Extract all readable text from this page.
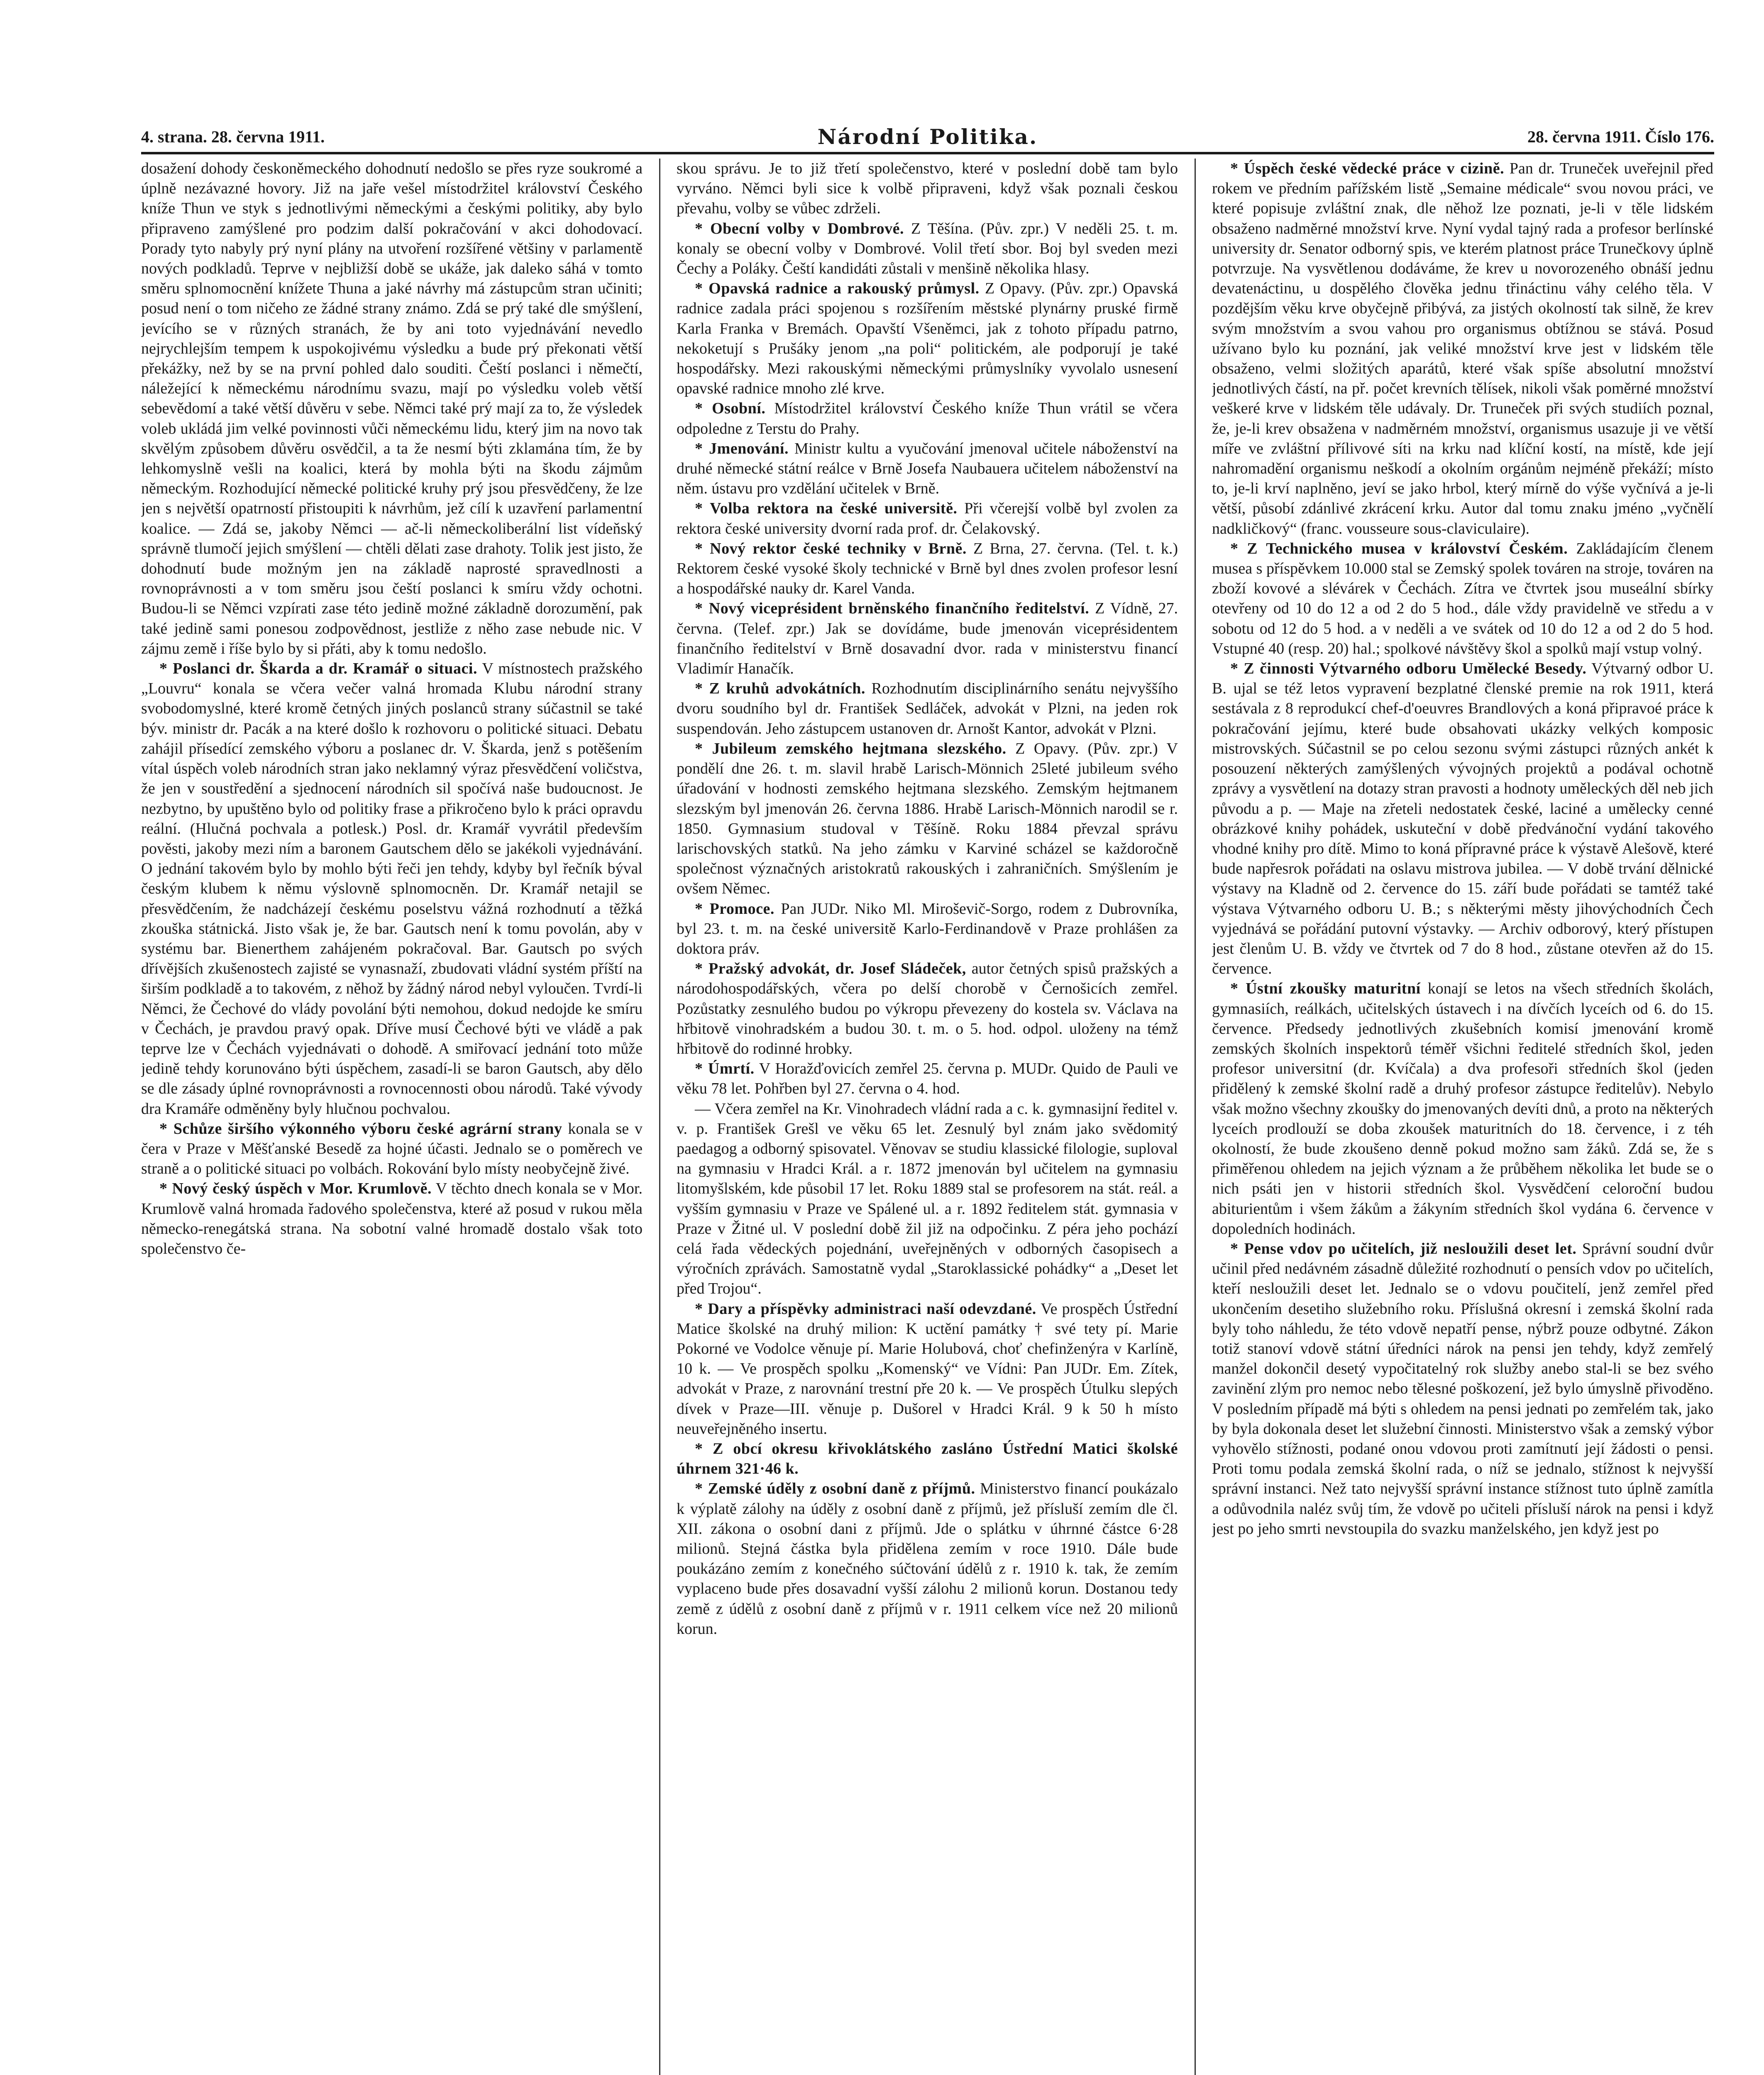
4. strana. 28. června 1911.	Národní Politika.	28. června 1911. Číslo 176.

dosažení dohody českoněmeckého dohodnutí nedošlo se přes ryze soukromé a úplně nezávazné hovory. Již na jaře vešel místodržitel království Českého kníže Thun ve styk s jednotlivými německými a českými politiky, aby bylo připraveno zamýšlené pro podzim další pokračování v akci dohodovací. Porady tyto nabyly prý nyní plány na utvoření rozšířené většiny v parlamentě nových podkladů. Teprve v nejbližší době se ukáže, jak daleko sáhá v tomto směru splnomocnění knížete Thuna a jaké návrhy má zástupcům stran učiniti; posud není o tom ničeho ze žádné strany známo. Zdá se prý také dle smýšlení, jevícího se v různých stranách, že by ani toto vyjednávání nevedlo nejrychlejším tempem k uspokojivému výsledku a bude prý překonati větší překážky, než by se na první pohled dalo souditi. Čeští poslanci i němečtí, náležející k německému národnímu svazu, mají po výsledku voleb větší sebevědomí a také větší důvěru v sebe. Němci také prý mají za to, že výsledek voleb ukládá jim velké povinnosti vůči německému lidu, který jim na novo tak skvělým způsobem důvěru osvědčil, a ta že nesmí býti zklamána tím, že by lehkomyslně vešli na koalici, která by mohla býti na škodu zájmům německým. Rozhodující německé politické kruhy prý jsou přesvědčeny, že lze jen s největší opatrností přistoupiti k návrhům, jež cílí k uzavření parlamentní koalice. — Zdá se, jakoby Němci — ač-li německoliberální list vídeňský správně tlumočí jejich smýšlení — chtěli dělati zase drahoty. Tolik jest jisto, že dohodnutí bude možným jen na základě naprosté spravedlnosti a rovnoprávnosti a v tom směru jsou čeští poslanci k smíru vždy ochotni. Budou-li se Němci vzpírati zase této jedině možné základně dorozumění, pak také jedině sami ponesou zodpovědnost, jestliže z něho zase nebude nic. V zájmu země i říše bylo by si přáti, aby k tomu nedošlo.

* Poslanci dr. Škarda a dr. Kramář o situaci. V místnostech pražského „Louvru“ konala se včera večer valná hromada Klubu národní strany svobodomyslné, které kromě četných jiných poslanců strany súčastnil se také býv. ministr dr. Pacák a na které došlo k rozhovoru o politické situaci. Debatu zahájil přísedící zemského výboru a poslanec dr. V. Škarda, jenž s potěšením vítal úspěch voleb národních stran jako neklamný výraz přesvědčení voličstva, že jen v soustředění a sjednocení národních sil spočívá naše budoucnost. Je nezbytno, by upuštěno bylo od politiky frase a přikročeno bylo k práci opravdu reální. (Hlučná pochvala a potlesk.) Posl. dr. Kramář vyvrátil především pověsti, jakoby mezi ním a baronem Gautschem dělo se jakékoli vyjednávání. O jednání takovém bylo by mohlo býti řeči jen tehdy, kdyby byl řečník býval českým klubem k němu výslovně splnomocněn. Dr. Kramář netajil se přesvědčením, že nadcházejí českému poselstvu vážná rozhodnutí a těžká zkouška státnická. Jisto však je, že bar. Gautsch není k tomu povolán, aby v systému bar. Bienerthem zahájeném pokračoval. Bar. Gautsch po svých dřívějších zkušenostech zajisté se vynasnaží, zbudovati vládní systém příští na širším podkladě a to takovém, z něhož by žádný národ nebyl vyloučen. Tvrdí-li Němci, že Čechové do vlády povolání býti nemohou, dokud nedojde ke smíru v Čechách, je pravdou pravý opak. Dříve musí Čechové býti ve vládě a pak teprve lze v Čechách vyjednávati o dohodě. A smiřovací jednání toto může jedině tehdy korunováno býti úspěchem, zasadí-li se baron Gautsch, aby dělo se dle zásady úplné rovnoprávnosti a rovnocennosti obou národů. Také vývody dra Kramáře odměněny byly hlučnou pochvalou.

* Schůze širšího výkonného výboru české agrární strany konala se v čera v Praze v Měšťanské Besedě za hojné účasti. Jednalo se o poměrech ve straně a o politické situaci po volbách. Rokování bylo místy neobyčejně živé.

* Nový český úspěch v Mor. Krumlově. V těchto dnech konala se v Mor. Krumlově valná hromada řadového společenstva, které až posud v rukou měla německo-renegátská strana. Na sobotní valné hromadě dostalo však toto společenstvo če-

skou správu. Je to již třetí společenstvo, které v poslední době tam bylo vyrváno. Němci byli sice k volbě připraveni, když však poznali českou převahu, volby se vůbec zdrželi.

* Obecní volby v Dombrové. Z Těšína. (Pův. zpr.) V neděli 25. t. m. konaly se obecní volby v Dombrové. Volil třetí sbor. Boj byl sveden mezi Čechy a Poláky. Čeští kandidáti zůstali v menšině několika hlasy.

* Opavská radnice a rakouský průmysl. Z Opavy. (Pův. zpr.) Opavská radnice zadala práci spojenou s rozšířením městské plynárny pruské firmě Karla Franka v Bremách. Opavští Všeněmci, jak z tohoto případu patrno, nekoketují s Prušáky jenom „na poli“ politickém, ale podporují je také hospodářsky. Mezi rakouskými německými průmyslníky vyvolalo usnesení opavské radnice mnoho zlé krve.

* Osobní. Místodržitel království Českého kníže Thun vrátil se včera odpoledne z Terstu do Prahy.

* Jmenování. Ministr kultu a vyučování jmenoval učitele náboženství na druhé německé státní reálce v Brně Josefa Naubauera učitelem náboženství na něm. ústavu pro vzdělání učitelek v Brně.

* Volba rektora na české universitě. Při včerejší volbě byl zvolen za rektora české university dvorní rada prof. dr. Čelakovský.

* Nový rektor české techniky v Brně. Z Brna, 27. června. (Tel. t. k.) Rektorem české vysoké školy technické v Brně byl dnes zvolen profesor lesní a hospodářské nauky dr. Karel Vanda.

* Nový viceprésident brněnského finančního ředitelství. Z Vídně, 27. června. (Telef. zpr.) Jak se dovídáme, bude jmenován viceprésidentem finančního ředitelství v Brně dosavadní dvor. rada v ministerstvu financí Vladimír Hanačík.

* Z kruhů advokátních. Rozhodnutím disciplinárního senátu nejvyššího dvoru soudního byl dr. František Sedláček, advokát v Plzni, na jeden rok suspendován. Jeho zástupcem ustanoven dr. Arnošt Kantor, advokát v Plzni.

* Jubileum zemského hejtmana slezského. Z Opavy. (Pův. zpr.) V pondělí dne 26. t. m. slavil hrabě Larisch-Mönnich 25leté jubileum svého úřadování v hodnosti zemského hejtmana slezského. Zemským hejtmanem slezským byl jmenován 26. června 1886. Hrabě Larisch-Mönnich narodil se r. 1850. Gymnasium studoval v Těšíně. Roku 1884 převzal správu larischovských statků. Na jeho zámku v Karviné scházel se každoročně společnost význačných aristokratů rakouských i zahraničních. Smýšlením je ovšem Němec.

* Promoce. Pan JUDr. Niko Ml. Miroševič-Sorgo, rodem z Dubrovníka, byl 23. t. m. na české universitě Karlo-Ferdinandově v Praze prohlášen za doktora práv.

* Pražský advokát, dr. Josef Sládeček, autor četných spisů pražských a národohospodářských, včera po delší chorobě v Černošicích zemřel. Pozůstatky zesnulého budou po výkropu převezeny do kostela sv. Václava na hřbitově vinohradském a budou 30. t. m. o 5. hod. odpol. uloženy na témž hřbitově do rodinné hrobky.

* Úmrtí. V Horažďovicích zemřel 25. června p. MUDr. Quido de Pauli ve věku 78 let. Pohřben byl 27. června o 4. hod.

— Včera zemřel na Kr. Vinohradech vládní rada a c. k. gymnasijní ředitel v. v. p. František Grešl ve věku 65 let. Zesnulý byl znám jako svědomitý paedagog a odborný spisovatel. Věnovav se studiu klassické filologie, suploval na gymnasiu v Hradci Král. a r. 1872 jmenován byl učitelem na gymnasiu litomyšlském, kde působil 17 let. Roku 1889 stal se profesorem na stát. reál. a vyšším gymnasiu v Praze ve Spálené ul. a r. 1892 ředitelem stát. gymnasia v Praze v Žitné ul. V poslední době žil již na odpočinku. Z péra jeho pochází celá řada vědeckých pojednání, uveřejněných v odborných časopisech a výročních zprávách. Samostatně vydal „Staroklassické pohádky“ a „Deset let před Trojou“.

* Dary a příspěvky administraci naší odevzdané. Ve prospěch Ústřední Matice školské na druhý milion: K uctění památky † své tety pí. Marie Pokorné ve Vodolce věnuje pí. Marie Holubová, choť chefinženýra v Karlíně, 10 k. — Ve prospěch spolku „Komenský“ ve Vídni: Pan JUDr. Em. Zítek, advokát v Praze, z narovnání trestní pře 20 k. — Ve prospěch Útulku slepých dívek v Praze—III. věnuje p. Dušorel v Hradci Král. 9 k 50 h místo neuveřejněného insertu.

* Z obcí okresu křivoklátského zasláno Ústřední Matici školské úhrnem 321·46 k.

* Zemské úděly z osobní daně z příjmů. Ministerstvo financí poukázalo k výplatě zálohy na úděly z osobní daně z příjmů, jež přísluší zemím dle čl. XII. zákona o osobní dani z příjmů. Jde o splátku v úhrnné částce 6·28 milionů. Stejná částka byla přidělena zemím v roce 1910. Dále bude poukázáno zemím z konečného súčtování údělů z r. 1910 k. tak, že zemím vyplaceno bude přes dosavadní vyšší zálohu 2 milionů korun. Dostanou tedy země z údělů z osobní daně z příjmů v r. 1911 celkem více než 20 milionů korun.

* Úspěch české vědecké práce v cizině. Pan dr. Truneček uveřejnil před rokem ve předním pařížském listě „Semaine médicale“ svou novou práci, ve které popisuje zvláštní znak, dle něhož lze poznati, je-li v těle lidském obsaženo nadměrné množství krve. Nyní vydal tajný rada a profesor berlínské university dr. Senator odborný spis, ve kterém platnost práce Trunečkovy úplně potvrzuje. Na vysvětlenou dodáváme, že krev u novorozeného obnáší jednu devatenáctinu, u dospělého člověka jednu třináctinu váhy celého těla. V pozdějším věku krve obyčejně přibývá, za jistých okolností tak silně, že krev svým množstvím a svou vahou pro organismus obtížnou se stává. Posud užívano bylo ku poznání, jak veliké množství krve jest v lidském těle obsaženo, velmi složitých aparátů, které však spíše absolutní množství jednotlivých částí, na př. počet krevních tělísek, nikoli však poměrné množství veškeré krve v lidském těle udávaly. Dr. Truneček při svých studiích poznal, že, je-li krev obsažena v nadměrném množství, organismus usazuje ji ve větší míře ve zvláštní přílivové síti na krku nad klíční kostí, na místě, kde její nahromadění organismu neškodí a okolním orgánům nejméně překáží; místo to, je-li krví naplněno, jeví se jako hrbol, který mírně do výše vyčnívá a je-li větší, působí zdánlivé zkrácení krku. Autor dal tomu znaku jméno „vyčnělí nadkličkový“ (franc. vousseure sous-claviculaire).

* Z Technického musea v království Českém. Zakládajícím členem musea s příspěvkem 10.000 stal se Zemský spolek továren na stroje, továren na zboží kovové a slévárek v Čechách. Zítra ve čtvrtek jsou museální sbírky otevřeny od 10 do 12 a od 2 do 5 hod., dále vždy pravidelně ve středu a v sobotu od 12 do 5 hod. a v neděli a ve svátek od 10 do 12 a od 2 do 5 hod. Vstupné 40 (resp. 20) hal.; spolkové návštěvy škol a spolků mají vstup volný.

* Z činnosti Výtvarného odboru Umělecké Besedy. Výtvarný odbor U. B. ujal se též letos vypravení bezplatné členské premie na rok 1911, která sestávala z 8 reprodukcí chef-d'oeuvres Brandlových a koná připravoé práce k pokračování jejímu, které bude obsahovati ukázky velkých komposic mistrovských. Súčastnil se po celou sezonu svými zástupci různých ankét k posouzení některých zamýšlených vývojných projektů a podával ochotně zprávy a vysvětlení na dotazy stran pravosti a hodnoty uměleckých děl neb jich původu a p. — Maje na zřeteli nedostatek české, laciné a umělecky cenné obrázkové knihy pohádek, uskuteční v době předvánoční vydání takového vhodné knihy pro dítě. Mimo to koná přípravné práce k výstavě Alešově, které bude napřesrok pořádati na oslavu mistrova jubilea. — V době trvání dělnické výstavy na Kladně od 2. července do 15. září bude pořádati se tamtéž také výstava Výtvarného odboru U. B.; s některými městy jihovýchodních Čech vyjednává se pořádání putovní výstavky. — Archiv odborový, který přístupen jest členům U. B. vždy ve čtvrtek od 7 do 8 hod., zůstane otevřen až do 15. července.

* Ústní zkoušky maturitní konají se letos na všech středních školách, gymnasiích, reálkách, učitelských ústavech i na dívčích lyceích od 6. do 15. července. Předsedy jednotlivých zkušebních komisí jmenování kromě zemských školních inspektorů téměř všichni ředitelé středních škol, jeden profesor universitní (dr. Kvíčala) a dva profesoři středních škol (jeden přidělený k zemské školní radě a druhý profesor zástupce ředitelův). Nebylo však možno všechny zkoušky do jmenovaných devíti dnů, a proto na některých lyceích prodlouží se doba zkoušek maturitních do 18. července, i z téh okolností, že bude zkoušeno denně pokud možno sam žáků. Zdá se, že s přiměřenou ohledem na jejich význam a že průběhem několika let bude se o nich psáti jen v historii středních škol. Vysvědčení celoroční budou abiturientům i všem žákům a žákyním středních škol vydána 6. července v dopoledních hodinách.

* Pense vdov po učitelích, již nesloužili deset let. Správní soudní dvůr učinil před nedávném zásadně důležité rozhodnutí o pensích vdov po učitelích, kteří nesloužili deset let. Jednalo se o vdovu poučitelí, jenž zemřel před ukončením desetiho služebního roku. Příslušná okresní i zemská školní rada byly toho náhledu, že této vdově nepatří pense, nýbrž pouze odbytné. Zákon totiž stanoví vdově státní úředníci nárok na pensi jen tehdy, když zemřelý manžel dokončil desetý vypočitatelný rok služby anebo stal-li se bez svého zavinění zlým pro nemoc nebo tělesné poškození, jež bylo úmyslně přivoděno. V posledním případě má býti s ohledem na pensi jednati po zemřelém tak, jako by byla dokonala deset let služební činnosti. Ministerstvo však a zemský výbor vyhovělo stížnosti, podané onou vdovou proti zamítnutí její žádosti o pensi. Proti tomu podala zemská školní rada, o níž se jednalo, stížnost k nejvyšší správní instanci. Než tato nejvyšší správní instance stížnost tuto úplně zamítla a odůvodnila naléz svůj tím, že vdově po učiteli přísluší nárok na pensi i když jest po jeho smrti nevstoupila do svazku manželského, jen když jest po
